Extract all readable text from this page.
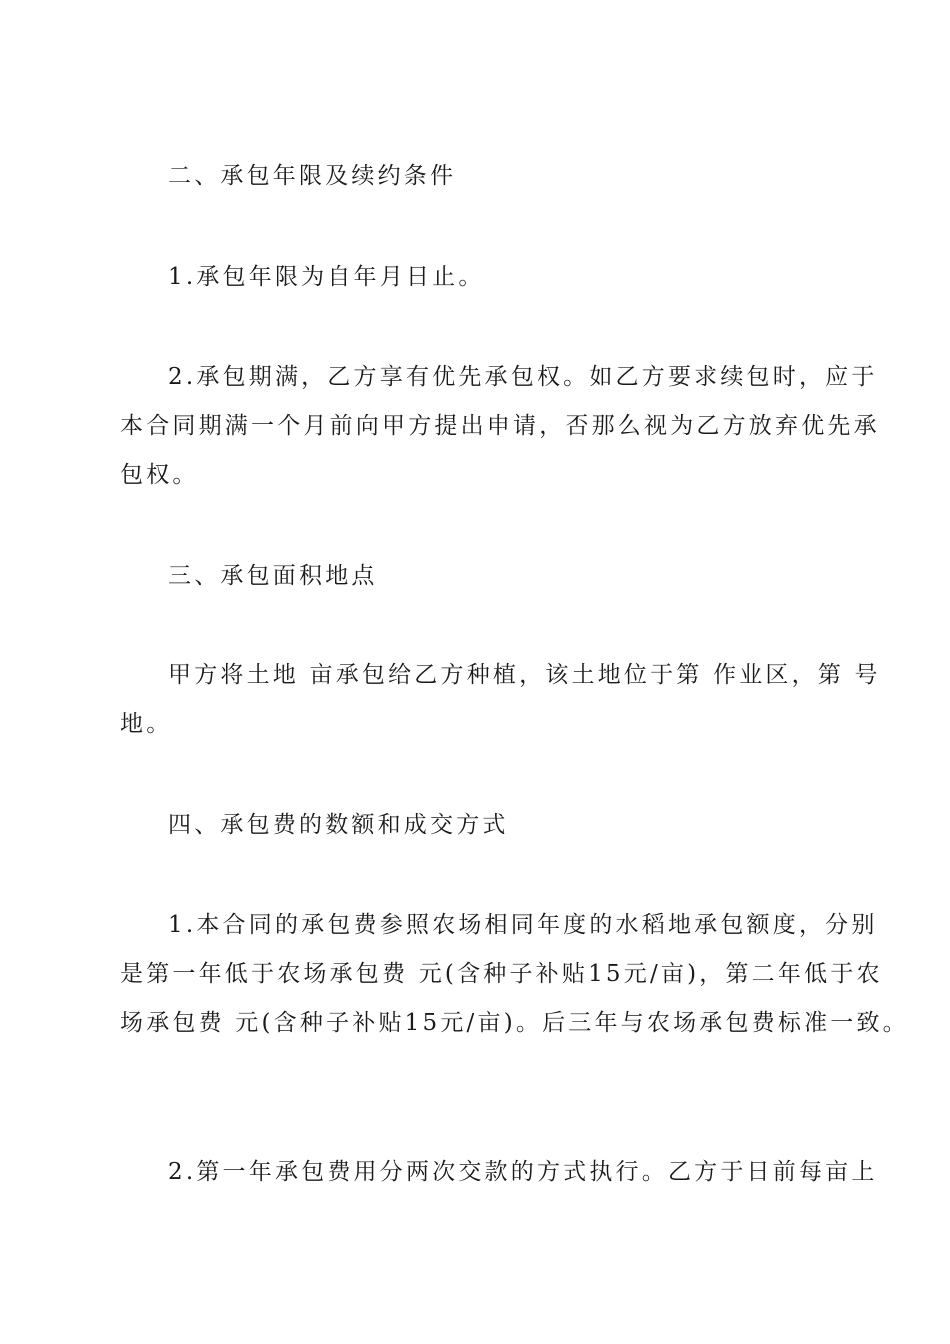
二、承包年限及续约条件
1.承包年限为自年月日止。
2.承包期满，乙方享有优先承包权。如乙方要求续包时，应于
本合同期满一个月前向甲方提出申请，否那么视为乙方放弃优先承
包权。
三、承包面积地点
甲方将土地 亩承包给乙方种植，该土地位于第 作业区，第 号
地。
四、承包费的数额和成交方式
1.本合同的承包费参照农场相同年度的水稻地承包额度，分别
是第一年低于农场承包费 元(含种子补贴15元/亩)，第二年低于农
场承包费 元(含种子补贴15元/亩)。后三年与农场承包费标准一致。
2.第一年承包费用分两次交款的方式执行。乙方于日前每亩上
